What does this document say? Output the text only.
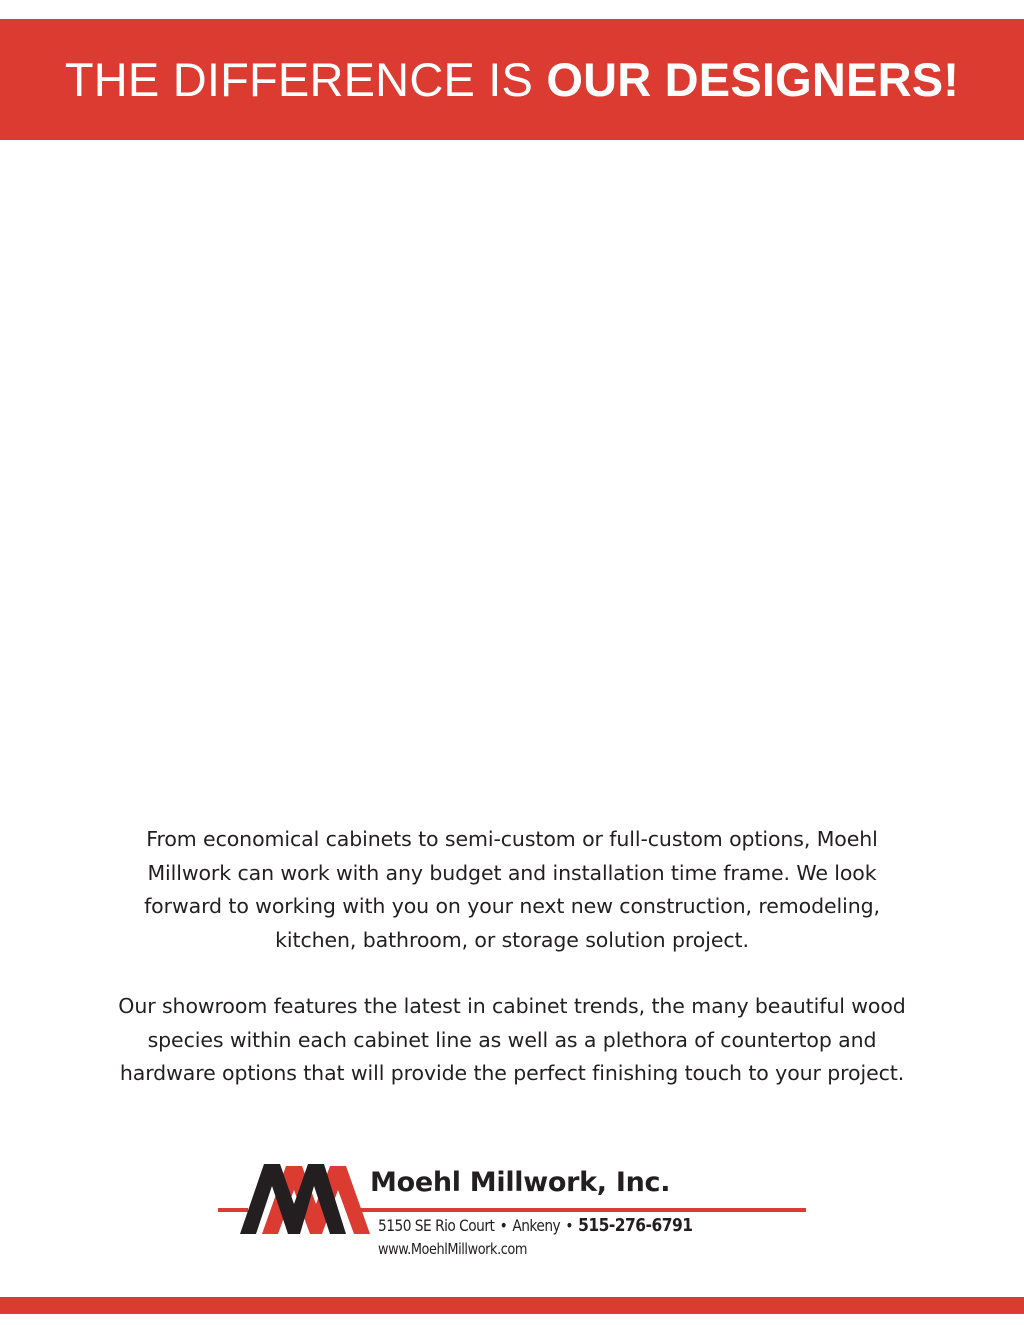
THE DIFFERENCE IS OUR DESIGNERS!
From economical cabinets to semi-custom or full-custom options, Moehl
Millwork can work with any budget and installation time frame. We look
forward to working with you on your next new construction, remodeling,
kitchen, bathroom, or storage solution project.
Our showroom features the latest in cabinet trends, the many beautiful wood
species within each cabinet line as well as a plethora of countertop and
hardware options that will provide the perfect finishing touch to your project.
Moehl Millwork, Inc.
5150 SE Rio Court • Ankeny • 515-276-6791
www.MoehlMillwork.com
